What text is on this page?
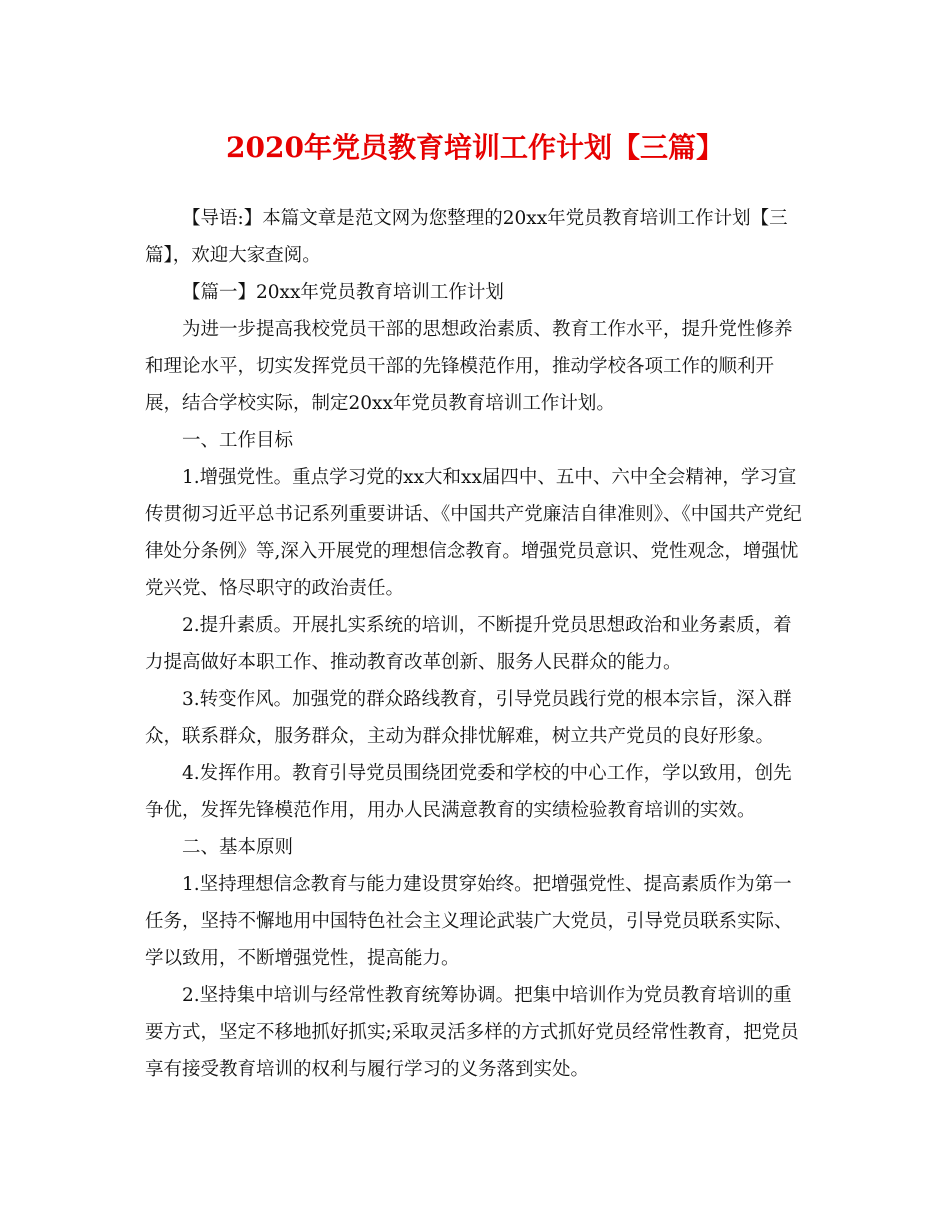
2020年党员教育培训工作计划【三篇】

【导语:】本篇文章是范文网为您整理的20xx年党员教育培训工作计划【三篇】，欢迎大家查阅。

【篇一】20xx年党员教育培训工作计划

为进一步提高我校党员干部的思想政治素质、教育工作水平，提升党性修养和理论水平，切实发挥党员干部的先锋模范作用，推动学校各项工作的顺利开展，结合学校实际，制定20xx年党员教育培训工作计划。

一、工作目标

1.增强党性。重点学习党的xx大和xx届四中、五中、六中全会精神，学习宣传贯彻习近平总书记系列重要讲话、《中国共产党廉洁自律准则》、《中国共产党纪律处分条例》等,深入开展党的理想信念教育。增强党员意识、党性观念，增强忧党兴党、恪尽职守的政治责任。

2.提升素质。开展扎实系统的培训，不断提升党员思想政治和业务素质，着力提高做好本职工作、推动教育改革创新、服务人民群众的能力。

3.转变作风。加强党的群众路线教育，引导党员践行党的根本宗旨，深入群众，联系群众，服务群众，主动为群众排忧解难，树立共产党员的良好形象。

4.发挥作用。教育引导党员围绕团党委和学校的中心工作，学以致用，创先争优，发挥先锋模范作用，用办人民满意教育的实绩检验教育培训的实效。

二、基本原则

1.坚持理想信念教育与能力建设贯穿始终。把增强党性、提高素质作为第一任务，坚持不懈地用中国特色社会主义理论武装广大党员，引导党员联系实际、学以致用，不断增强党性，提高能力。

2.坚持集中培训与经常性教育统筹协调。把集中培训作为党员教育培训的重要方式，坚定不移地抓好抓实;采取灵活多样的方式抓好党员经常性教育，把党员享有接受教育培训的权利与履行学习的义务落到实处。
